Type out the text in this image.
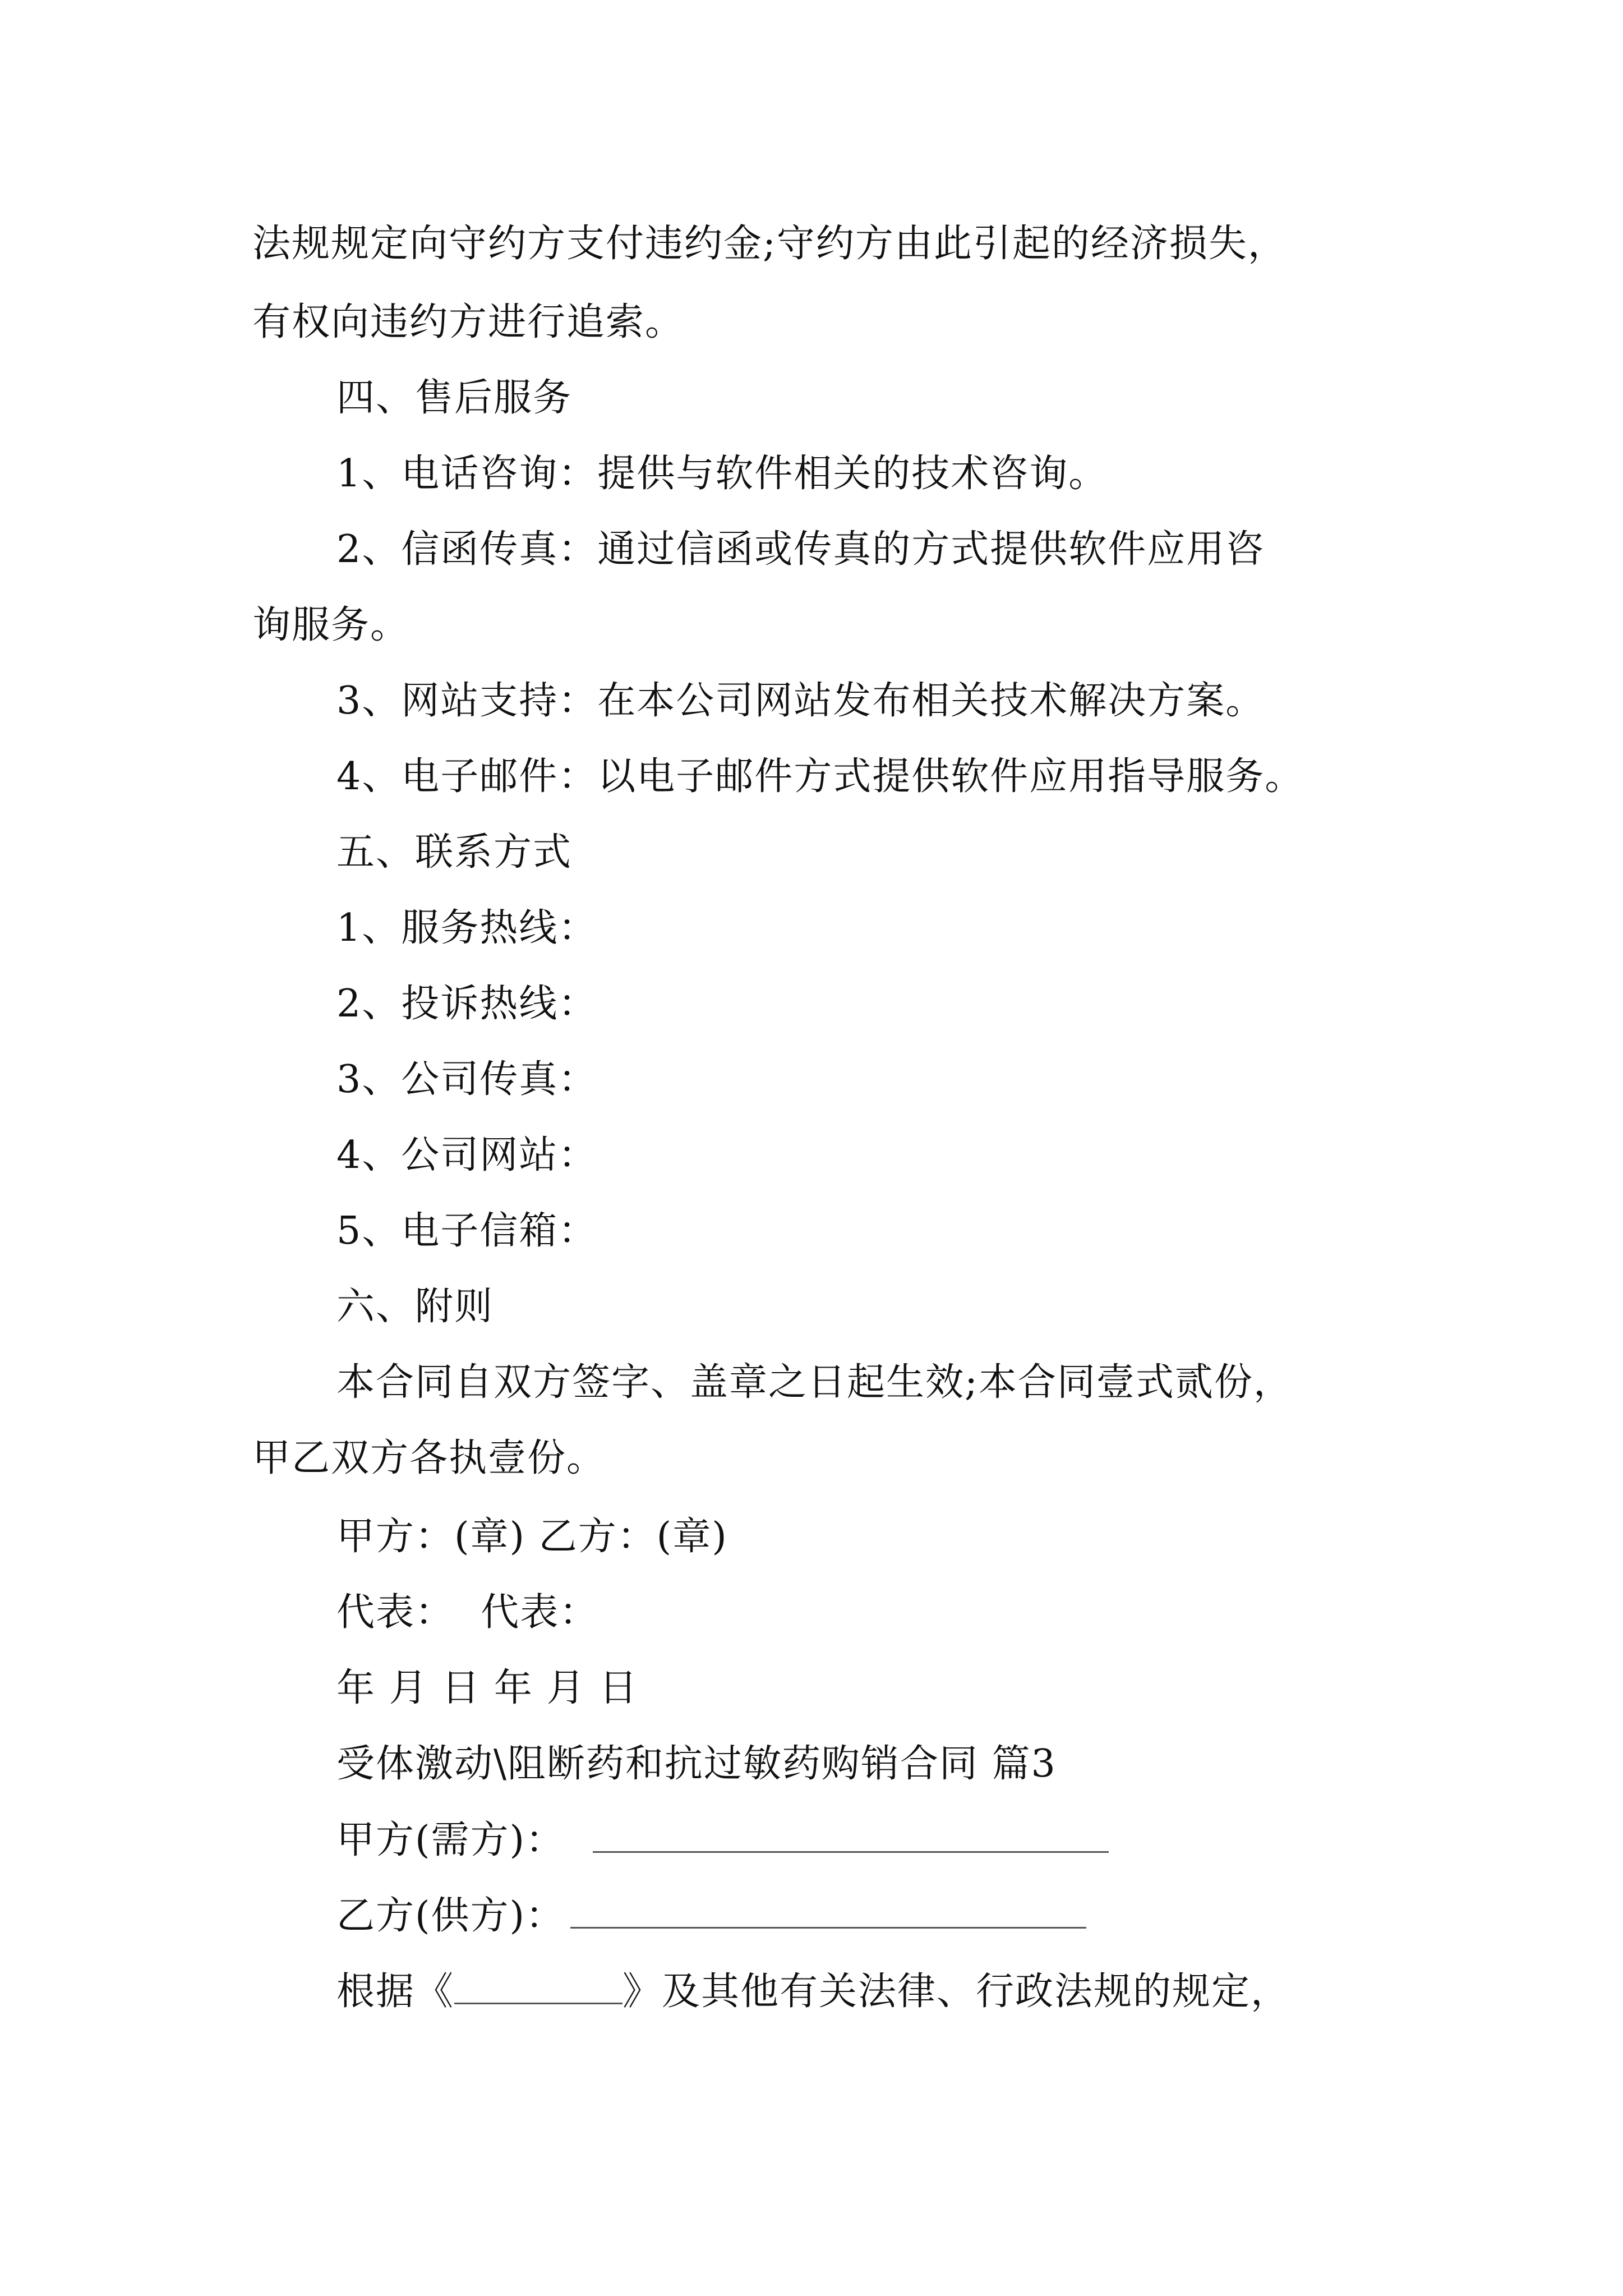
法规规定向守约方支付违约金;守约方由此引起的经济损失，
有权向违约方进行追索。
四、售后服务
1、电话咨询：提供与软件相关的技术咨询。
2、信函传真：通过信函或传真的方式提供软件应用咨
询服务。
3、网站支持：在本公司网站发布相关技术解决方案。
4、电子邮件：以电子邮件方式提供软件应用指导服务。
五、联系方式
1、服务热线：
2、投诉热线：
3、公司传真：
4、公司网站：
5、电子信箱：
六、附则
本合同自双方签字、盖章之日起生效;本合同壹式贰份，
甲乙双方各执壹份。
甲方：(章) 乙方：(章)
代表：  代表：
年 月 日 年 月 日
受体激动\阻断药和抗过敏药购销合同 篇3
甲方(需方)：
乙方(供方)：
根据《	》及其他有关法律、行政法规的规定，
